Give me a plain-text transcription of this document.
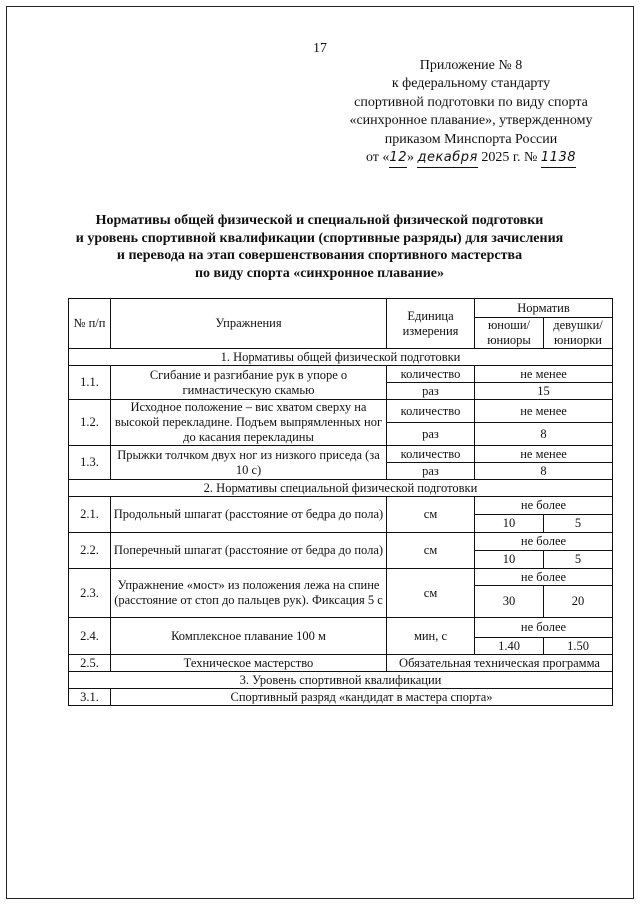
17
Приложение № 8
к федеральному стандарту
спортивной подготовки по виду спорта
«синхронное плавание», утвержденному
приказом Минспорта России
от «12» декабря 2025 г. № 1138
Нормативы общей физической и специальной физической подготовки
и уровень спортивной квалификации (спортивные разряды) для зачисления
и перевода на этап совершенствования спортивного мастерства
по виду спорта «синхронное плавание»
№ п/п	Упражнения	Единица измерения	Норматив	
			юноши/ юниоры	девушки/ юниорки
1. Нормативы общей физической подготовки				
1.1.	Сгибание и разгибание рук в упоре о гимнастическую скамью	количество	не менее	
		раз	15	
1.2.	Исходное положение – вис хватом сверху на высокой перекладине. Подъем выпрямленных ног до касания перекладины	количество	не менее	
		раз	8	
1.3.	Прыжки толчком двух ног из низкого приседа (за 10 с)	количество	не менее	
		раз	8	
2. Нормативы специальной физической подготовки				
2.1.	Продольный шпагат (расстояние от бедра до пола)	см	не более	
			10	5
2.2.	Поперечный шпагат (расстояние от бедра до пола)	см	не более	
			10	5
2.3.	Упражнение «мост» из положения лежа на спине (расстояние от стоп до пальцев рук). Фиксация 5 с	см	не более	
			30	20
2.4.	Комплексное плавание 100 м	мин, с	не более	
			1.40	1.50
2.5.	Техническое мастерство	Обязательная техническая программа		
3. Уровень спортивной квалификации				
3.1.	Спортивный разряд «кандидат в мастера спорта»			
